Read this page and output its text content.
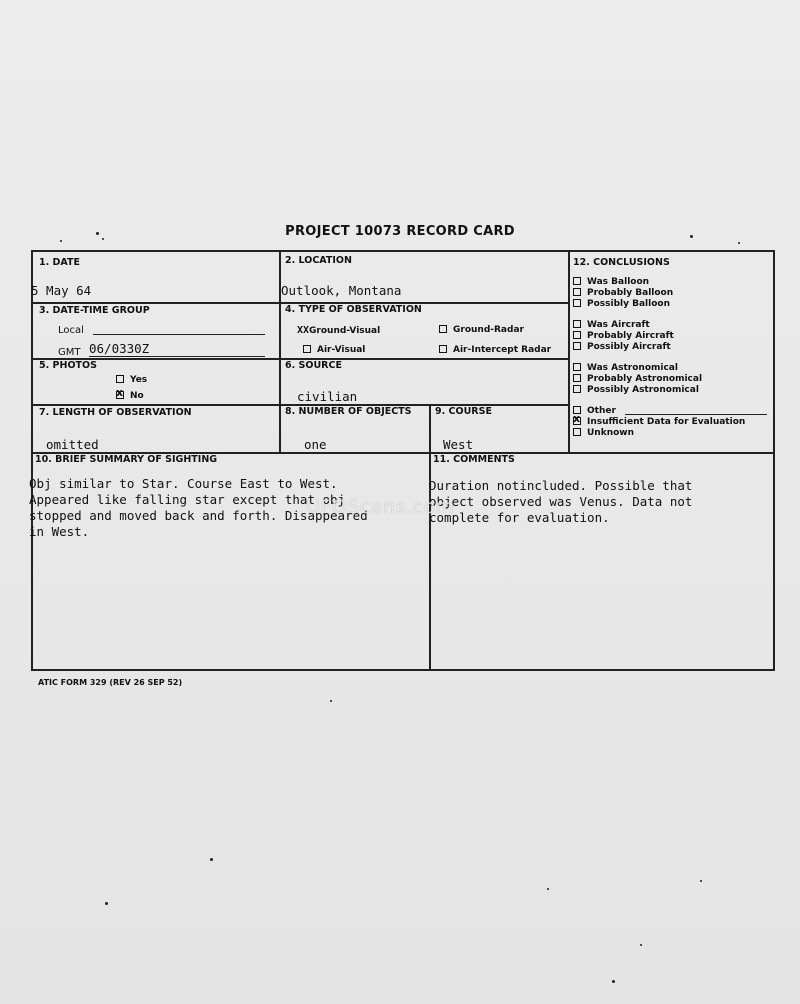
PROJECT 10073 RECORD CARD
1. DATE
5 May 64
2. LOCATION
Outlook, Montana
3. DATE-TIME GROUP
Local
GMT 06/0330Z
4. TYPE OF OBSERVATION
XXGround-Visual	Ground-Radar
Air-Visual	Air-Intercept Radar
5. PHOTOS
Yes
xNo
6. SOURCE
civilian
7. LENGTH OF OBSERVATION
omitted
8. NUMBER OF OBJECTS
one
9. COURSE
West
10. BRIEF SUMMARY OF SIGHTING
Obj similar to Star. Course East to West.
Appeared like falling star except that obj
stopped and moved back and forth. Disappeared
in West.
11. COMMENTS
Duration notincluded. Possible that
object observed was Venus. Data not
complete for evaluation.
12. CONCLUSIONS
Was Balloon
Probably Balloon
Possibly Balloon
Was Aircraft
Probably Aircraft
Possibly Aircraft
Was Astronomical
Probably Astronomical
Possibly Astronomical
Other
xInsufficient Data for Evaluation
Unknown
UFOScans.com
ATIC FORM 329 (REV 26 SEP 52)
